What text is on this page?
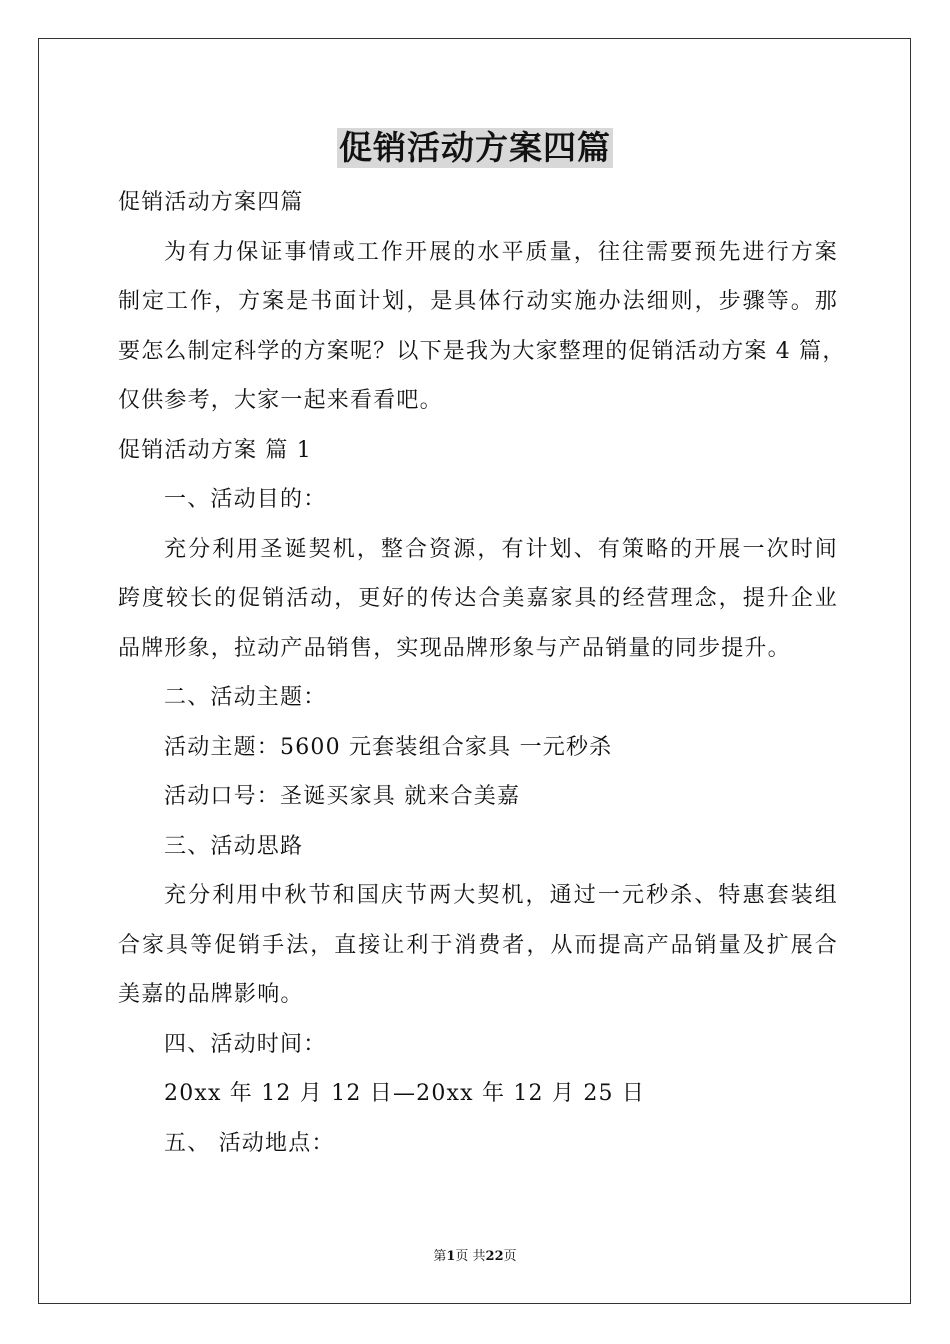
促销活动方案四篇
促销活动方案四篇
为有力保证事情或工作开展的水平质量，往往需要预先进行方案
制定工作，方案是书面计划，是具体行动实施办法细则，步骤等。那
要怎么制定科学的方案呢？以下是我为大家整理的促销活动方案 4 篇，
仅供参考，大家一起来看看吧。
促销活动方案 篇 1
一、活动目的：
充分利用圣诞契机，整合资源，有计划、有策略的开展一次时间
跨度较长的促销活动，更好的传达合美嘉家具的经营理念，提升企业
品牌形象，拉动产品销售，实现品牌形象与产品销量的同步提升。
二、活动主题：
活动主题：5600 元套装组合家具 一元秒杀
活动口号：圣诞买家具 就来合美嘉
三、活动思路
充分利用中秋节和国庆节两大契机，通过一元秒杀、特惠套装组
合家具等促销手法，直接让利于消费者，从而提高产品销量及扩展合
美嘉的品牌影响。
四、活动时间：
20xx 年 12 月 12 日—20xx 年 12 月 25 日
五、 活动地点：
第1页 共22页
